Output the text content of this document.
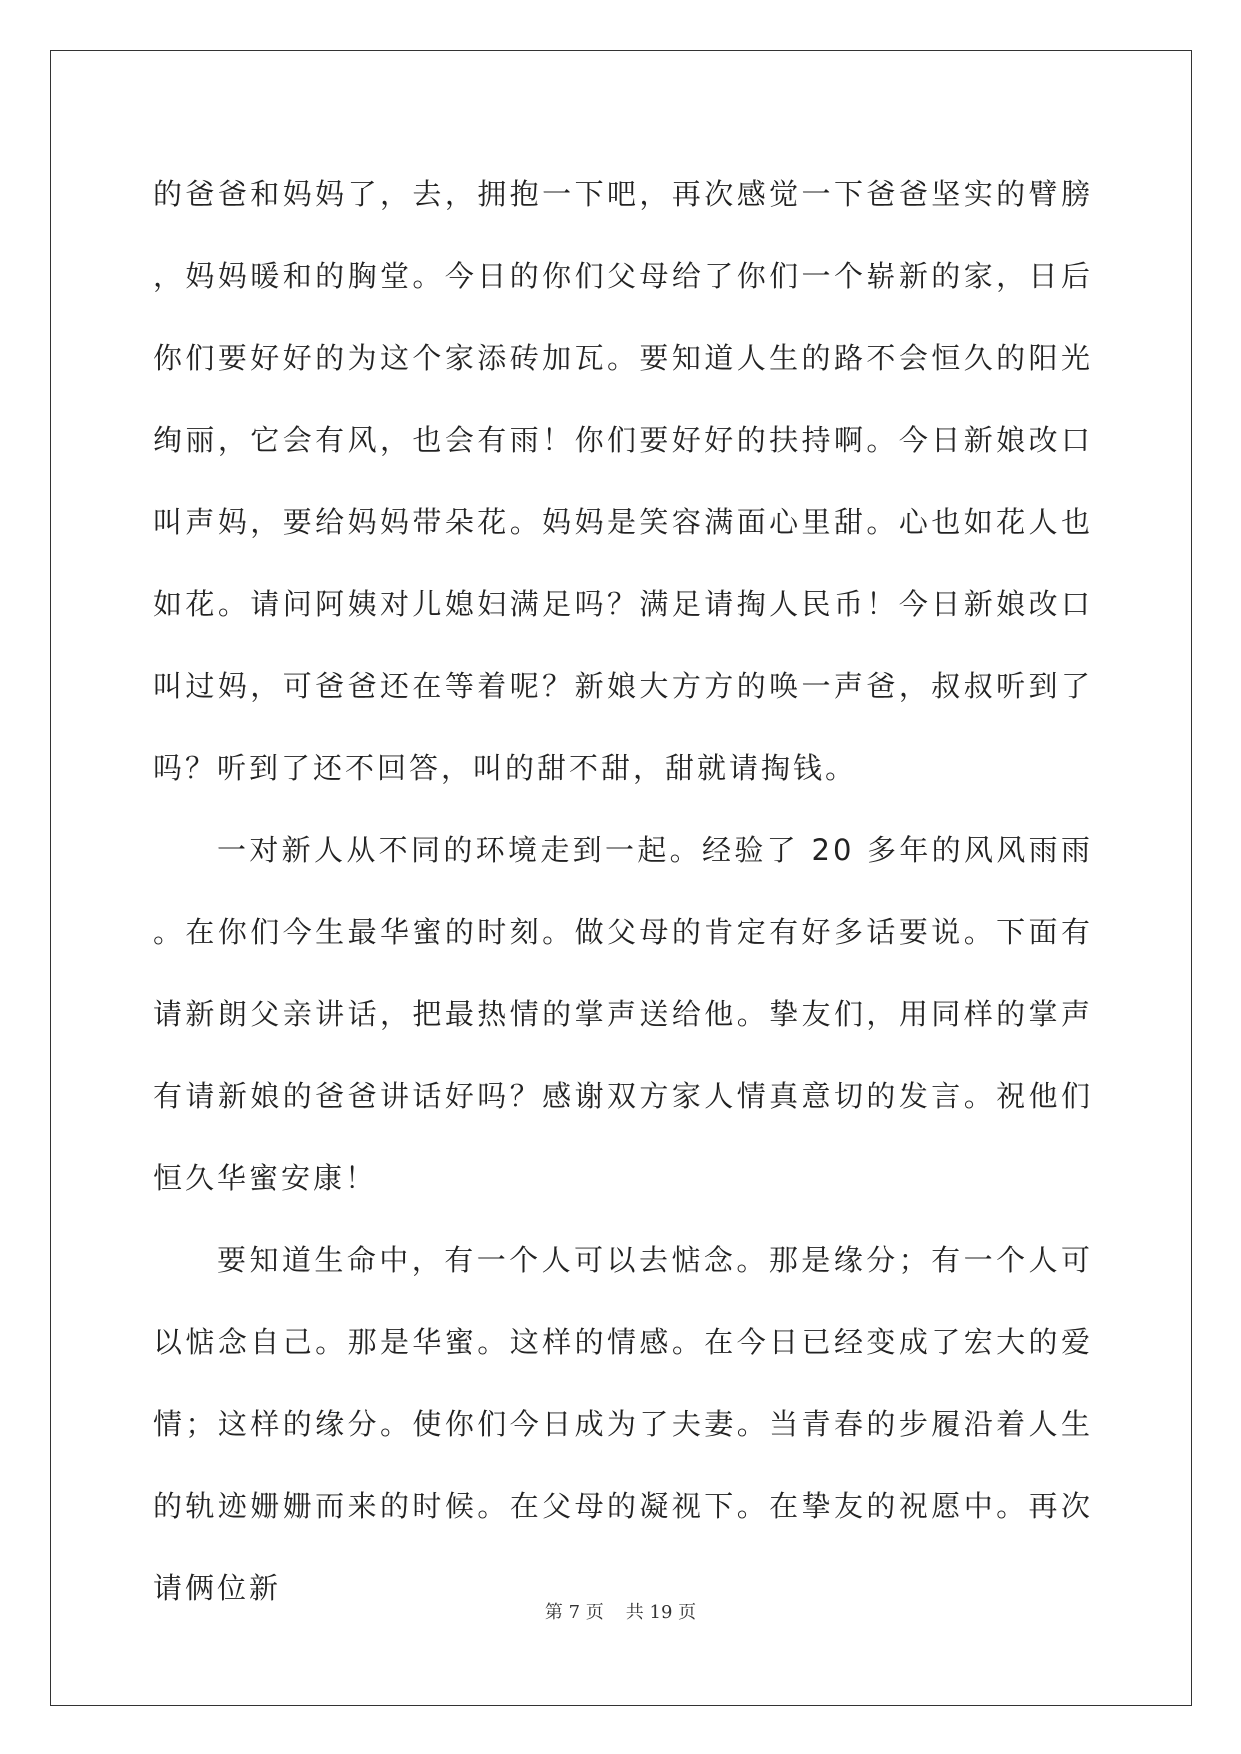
的爸爸和妈妈了，去，拥抱一下吧，再次感觉一下爸爸坚实的臂膀，妈妈暖和的胸堂。今日的你们父母给了你们一个崭新的家，日后你们要好好的为这个家添砖加瓦。要知道人生的路不会恒久的阳光绚丽，它会有风，也会有雨！你们要好好的扶持啊。今日新娘改口叫声妈，要给妈妈带朵花。妈妈是笑容满面心里甜。心也如花人也如花。请问阿姨对儿媳妇满足吗？满足请掏人民币！今日新娘改口叫过妈，可爸爸还在等着呢？新娘大方方的唤一声爸，叔叔听到了吗？听到了还不回答，叫的甜不甜，甜就请掏钱。

一对新人从不同的环境走到一起。经验了 20 多年的风风雨雨。在你们今生最华蜜的时刻。做父母的肯定有好多话要说。下面有请新朗父亲讲话，把最热情的掌声送给他。挚友们，用同样的掌声有请新娘的爸爸讲话好吗？感谢双方家人情真意切的发言。祝他们恒久华蜜安康！

要知道生命中，有一个人可以去惦念。那是缘分；有一个人可以惦念自己。那是华蜜。这样的情感。在今日已经变成了宏大的爱情；这样的缘分。使你们今日成为了夫妻。当青春的步履沿着人生的轨迹姗姗而来的时候。在父母的凝视下。在挚友的祝愿中。再次请俩位新

第 7 页 共 19 页
